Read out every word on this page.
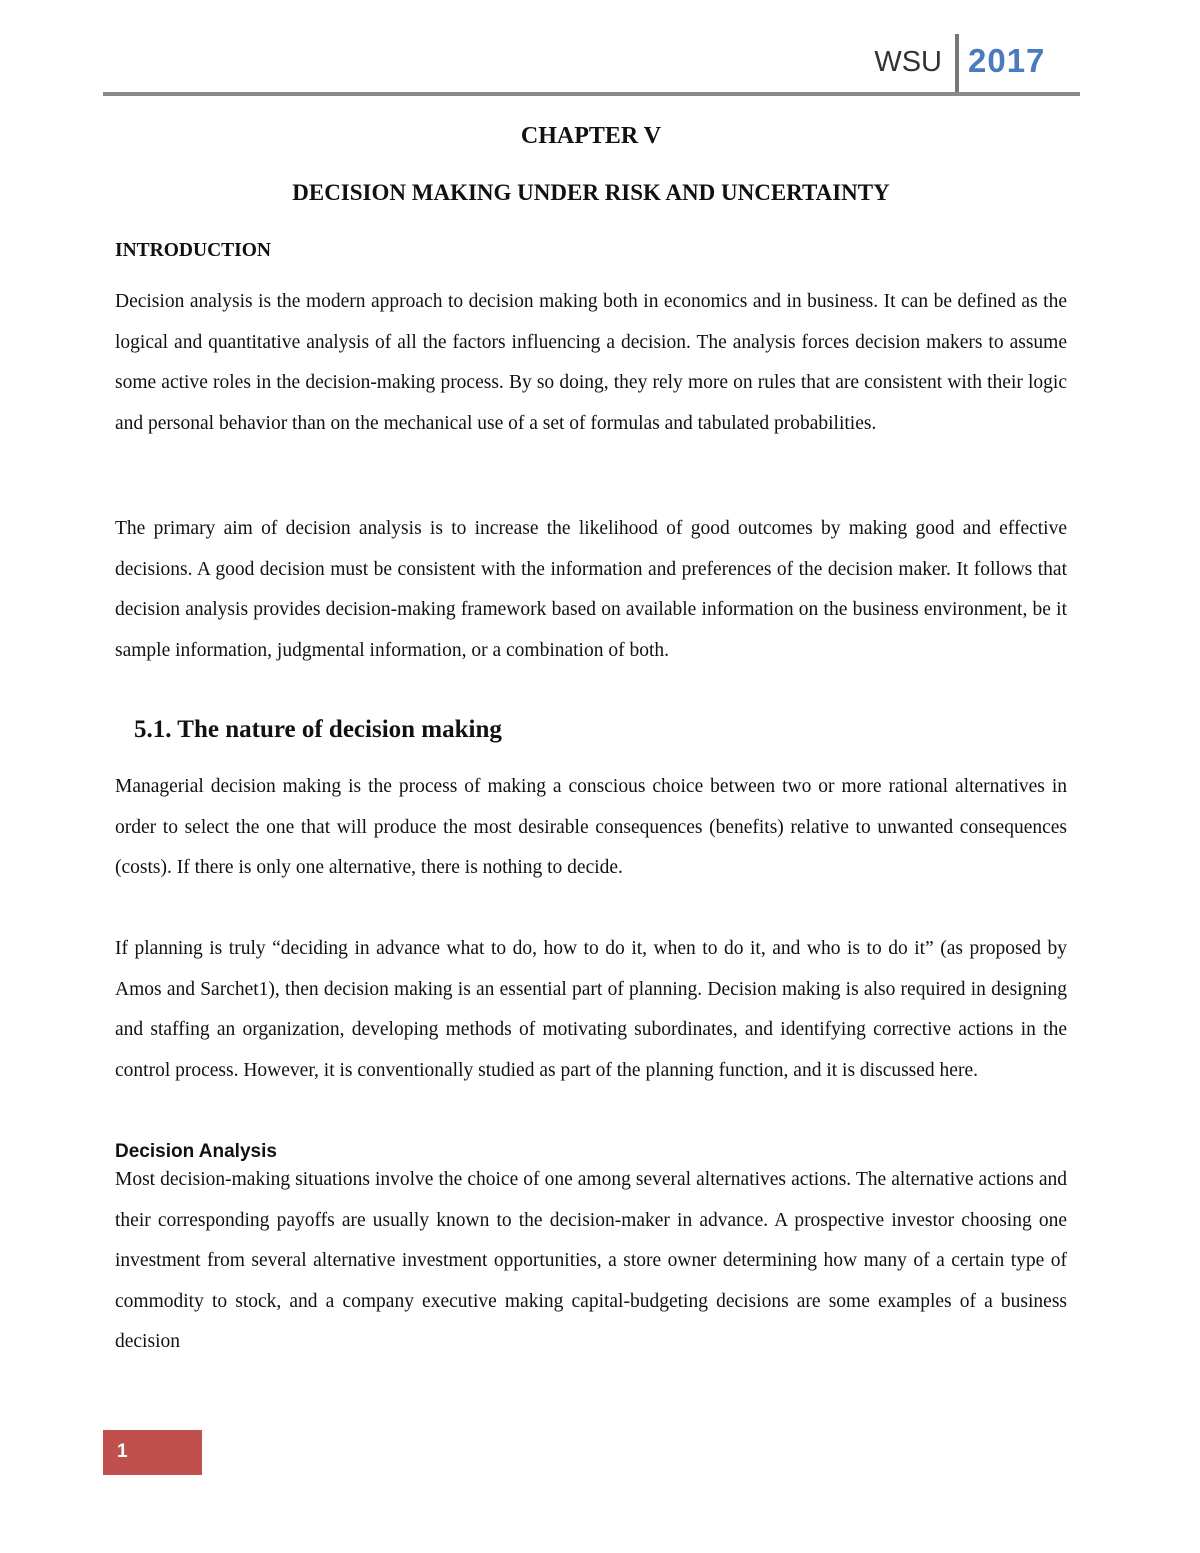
WSU 2017
CHAPTER V
DECISION MAKING UNDER RISK AND UNCERTAINTY
INTRODUCTION

Decision analysis is the modern approach to decision making both in economics and in business. It can be defined as the logical and quantitative analysis of all the factors influencing a decision. The analysis forces decision makers to assume some active roles in the decision-making process. By so doing, they rely more on rules that are consistent with their logic and personal behavior than on the mechanical use of a set of formulas and tabulated probabilities.

The primary aim of decision analysis is to increase the likelihood of good outcomes by making good and effective decisions. A good decision must be consistent with the information and preferences of the decision maker. It follows that decision analysis provides decision-making framework based on available information on the business environment, be it sample information, judgmental information, or a combination of both.

5.1. The nature of decision making

Managerial decision making is the process of making a conscious choice between two or more rational alternatives in order to select the one that will produce the most desirable consequences (benefits) relative to unwanted consequences (costs). If there is only one alternative, there is nothing to decide.

If planning is truly “deciding in advance what to do, how to do it, when to do it, and who is to do it” (as proposed by Amos and Sarchet1), then decision making is an essential part of planning. Decision making is also required in designing and staffing an organization, developing methods of motivating subordinates, and identifying corrective actions in the control process. However, it is conventionally studied as part of the planning function, and it is discussed here.

Decision Analysis

Most decision-making situations involve the choice of one among several alternatives actions. The alternative actions and their corresponding payoffs are usually known to the decision-maker in advance. A prospective investor choosing one investment from several alternative investment opportunities, a store owner determining how many of a certain type of commodity to stock, and a company executive making capital-budgeting decisions are some examples of a business decision

1
